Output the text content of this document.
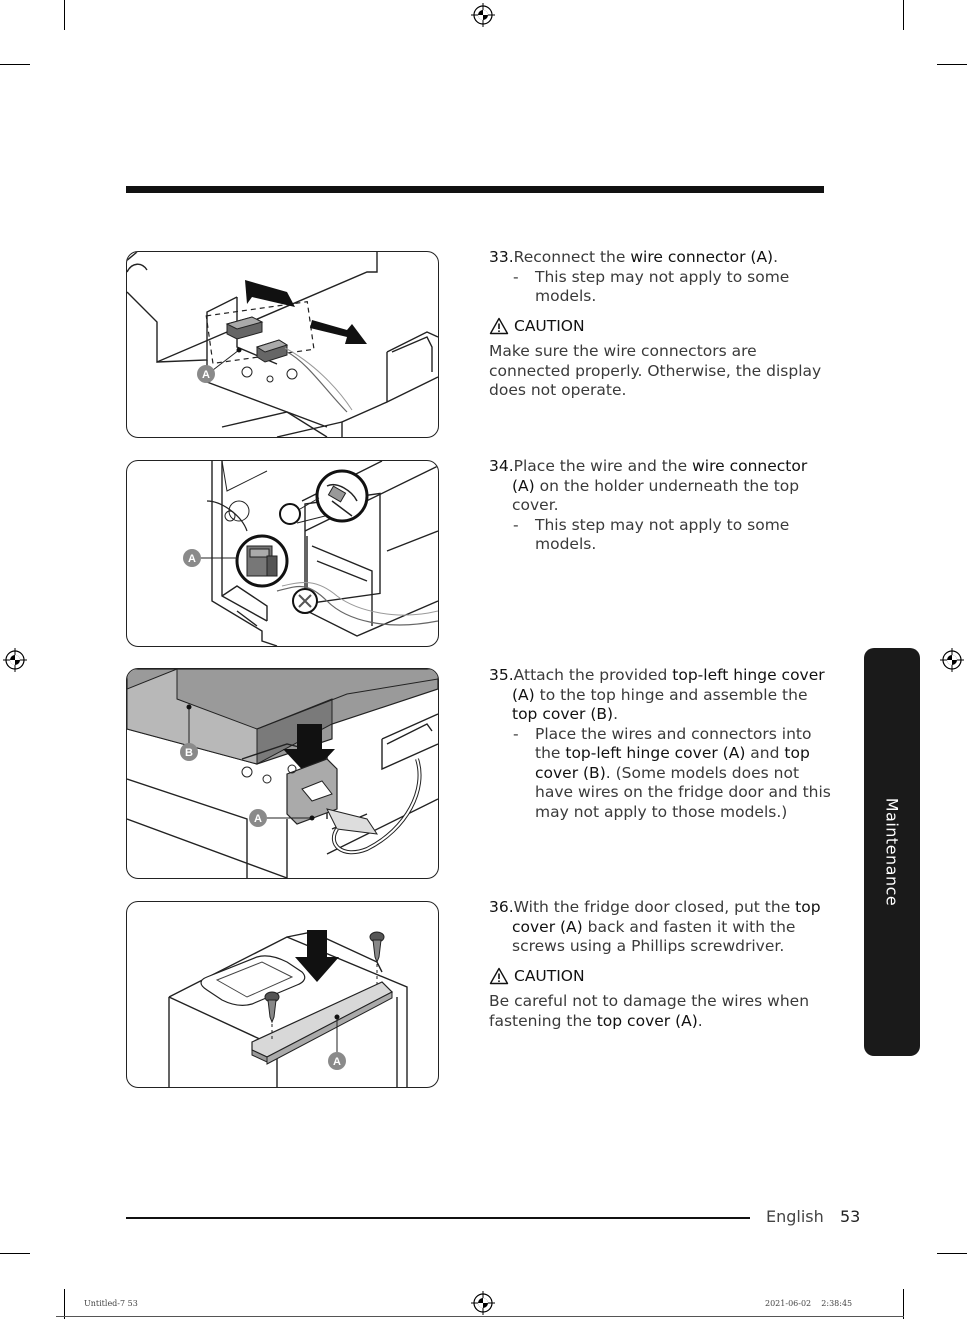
A
A
B
A
A
33.Reconnect the wire connector (A).
- This step may not apply to some models.
CAUTION
Make sure the wire connectors are connected properly. Otherwise, the display does not operate.
34.Place the wire and the wire connector (A) on the holder underneath the top cover.
- This step may not apply to some models.
35.Attach the provided top-left hinge cover (A) to the top hinge and assemble the top cover (B).
- Place the wires and connectors into the top-left hinge cover (A) and top cover (B). (Some models does not have wires on the fridge door and this may not apply to those models.)
36.With the fridge door closed, put the top cover (A) back and fasten it with the screws using a Phillips screwdriver.
CAUTION
Be careful not to damage the wires when fastening the top cover (A).
Maintenance
English 53
Untitled-7 53	2021-06-02    2:38:45
